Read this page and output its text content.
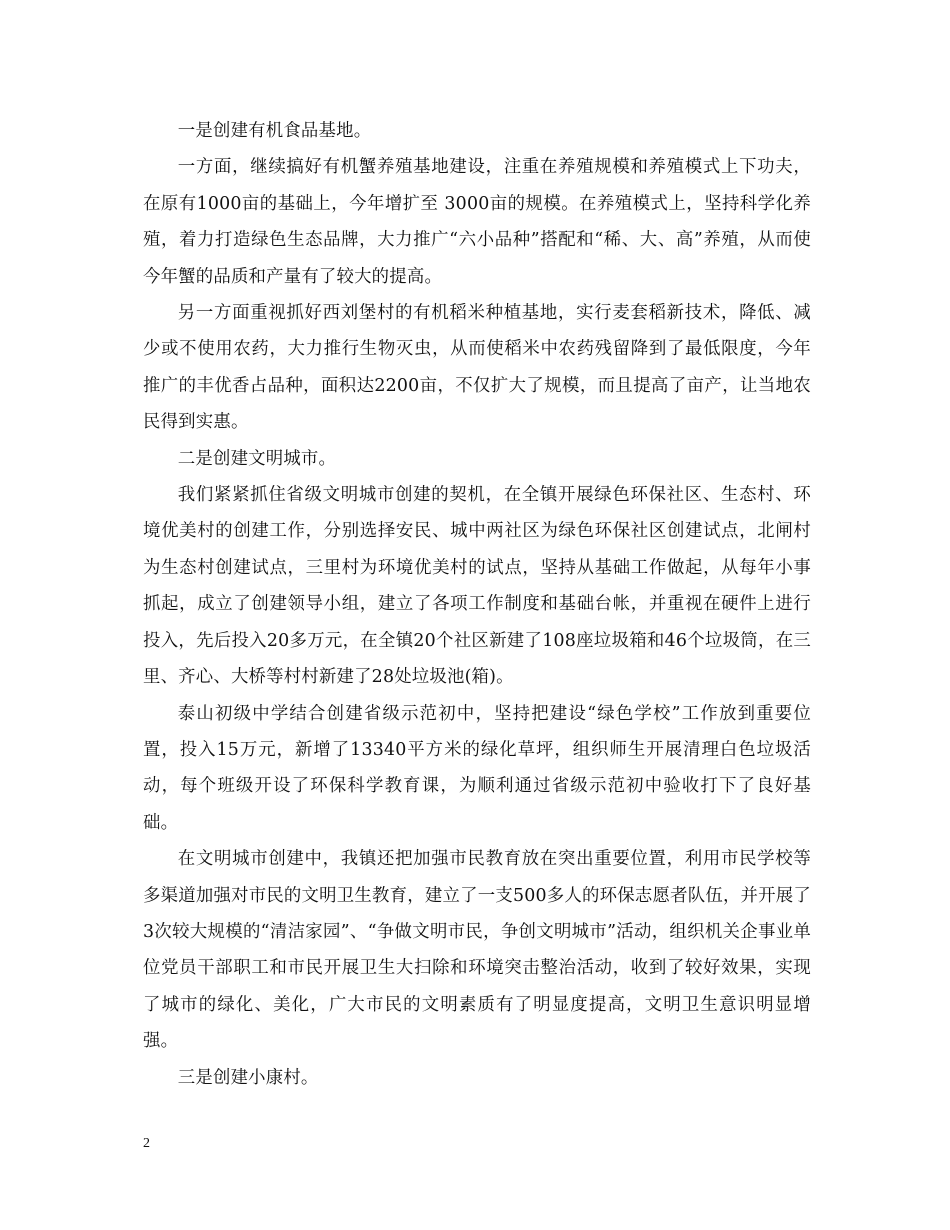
一是创建有机食品基地。

一方面，继续搞好有机蟹养殖基地建设，注重在养殖规模和养殖模式上下功夫，在原有1000亩的基础上，今年增扩至 3000亩的规模。在养殖模式上，坚持科学化养殖，着力打造绿色生态品牌，大力推广“六小品种”搭配和“稀、大、高”养殖，从而使今年蟹的品质和产量有了较大的提高。

另一方面重视抓好西刘堡村的有机稻米种植基地，实行麦套稻新技术，降低、减少或不使用农药，大力推行生物灭虫，从而使稻米中农药残留降到了最低限度，今年推广的丰优香占品种，面积达2200亩，不仅扩大了规模，而且提高了亩产，让当地农民得到实惠。

二是创建文明城市。

我们紧紧抓住省级文明城市创建的契机，在全镇开展绿色环保社区、生态村、环境优美村的创建工作，分别选择安民、城中两社区为绿色环保社区创建试点，北闸村为生态村创建试点，三里村为环境优美村的试点，坚持从基础工作做起，从每年小事抓起，成立了创建领导小组，建立了各项工作制度和基础台帐，并重视在硬件上进行投入，先后投入20多万元，在全镇20个社区新建了108座垃圾箱和46个垃圾筒，在三里、齐心、大桥等村村新建了28处垃圾池(箱)。

泰山初级中学结合创建省级示范初中，坚持把建设“绿色学校”工作放到重要位置，投入15万元，新增了13340平方米的绿化草坪，组织师生开展清理白色垃圾活动，每个班级开设了环保科学教育课，为顺利通过省级示范初中验收打下了良好基础。

在文明城市创建中，我镇还把加强市民教育放在突出重要位置，利用市民学校等多渠道加强对市民的文明卫生教育，建立了一支500多人的环保志愿者队伍，并开展了3次较大规模的“清洁家园”、“争做文明市民，争创文明城市”活动，组织机关企事业单位党员干部职工和市民开展卫生大扫除和环境突击整治活动，收到了较好效果，实现了城市的绿化、美化，广大市民的文明素质有了明显度提高，文明卫生意识明显增强。

三是创建小康村。

2
